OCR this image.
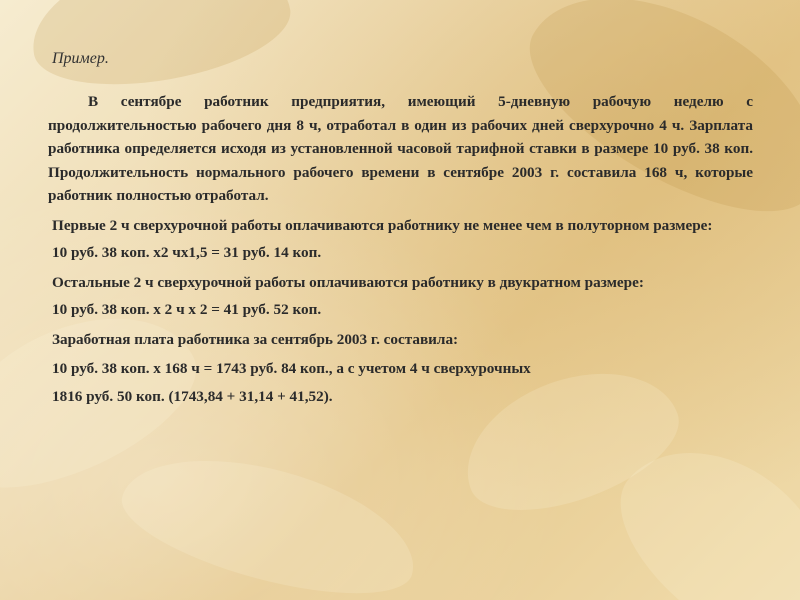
Пример.

В сентябре работник предприятия, имеющий 5-дневную рабочую неделю с продолжительностью рабочего дня 8 ч, отработал в один из рабочих дней сверхурочно 4 ч. Зарплата работника определяется исходя из установленной часовой тарифной ставки в размере 10 руб. 38 коп. Продолжительность нормального рабочего времени в сентябре 2003 г. составила 168 ч, которые работник полностью отработал.

Первые 2 ч сверхурочной работы оплачиваются работнику не менее чем в полуторном размере:
10 руб. 38 коп. х2 чх1,5 = 31 руб. 14 коп.
Остальные 2 ч сверхурочной работы оплачиваются работнику в двукратном размере:
10 руб. 38 коп. х 2 ч х 2 = 41 руб. 52 коп.
Заработная плата работника за сентябрь 2003 г. составила:
10 руб. 38 коп. х 168 ч = 1743 руб. 84 коп., а с учетом 4 ч сверхурочных
1816 руб. 50 коп. (1743,84 + 31,14 + 41,52).
